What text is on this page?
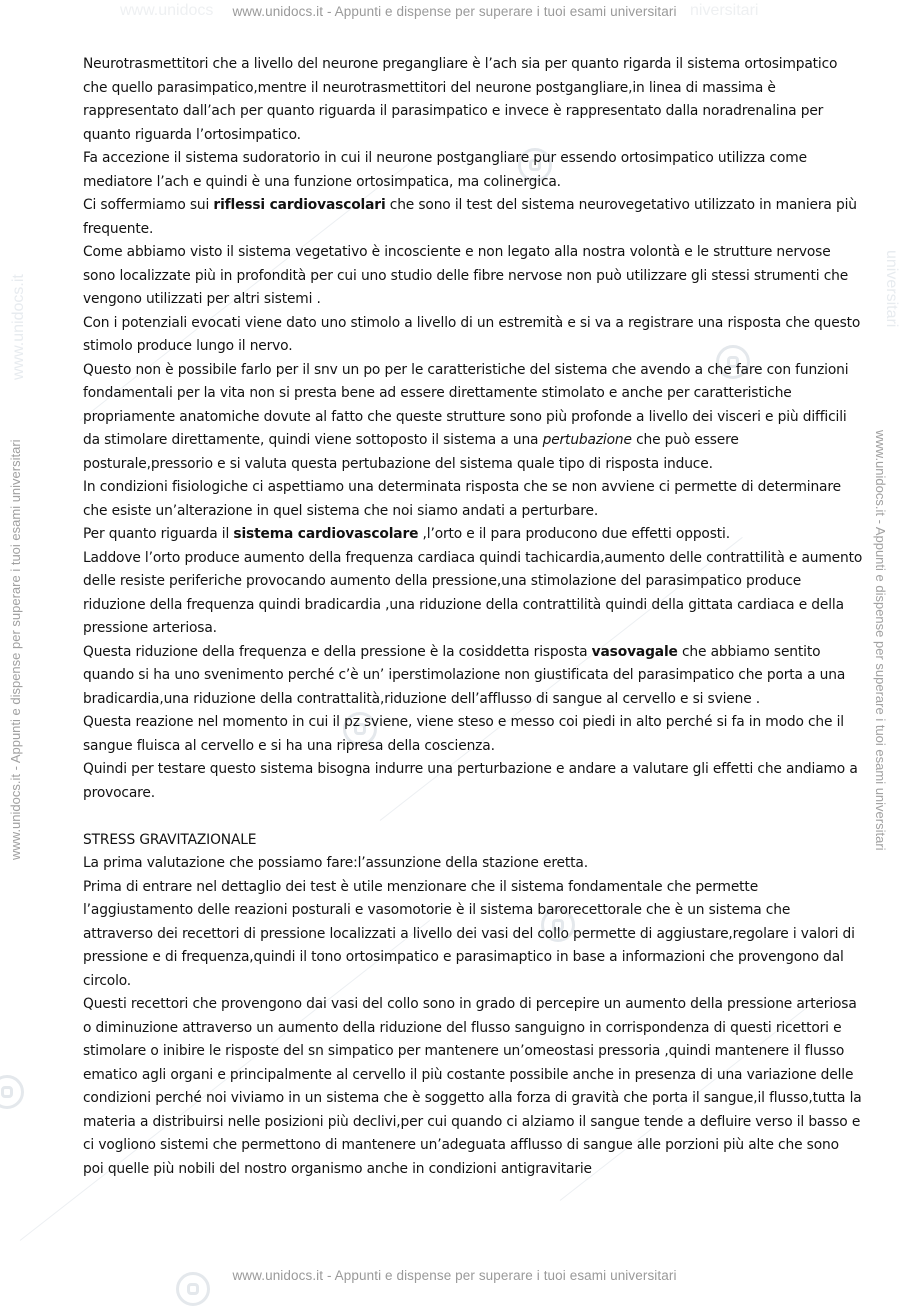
www.unidocs	niversitari
www.unidocs.it - Appunti e dispense per superare i tuoi esami universitari
www.unidocs.it - Appunti e dispense per superare i tuoi esami universitari
www.unidocs.it - Appunti e dispense per superare i tuoi esami universitari	www.unidocs.it - Appunti e dispense per superare i tuoi esami universitari
www.unidocs.it	universitari

Neurotrasmettitori che a livello del neurone pregangliare è l’ach sia per quanto rigarda il sistema ortosimpatico che quello parasimpatico,mentre il neurotrasmettitori del neurone postgangliare,in linea di massima è rappresentato dall’ach per quanto riguarda il parasimpatico e invece è rappresentato dalla noradrenalina per quanto riguarda l’ortosimpatico.

Fa accezione il sistema sudoratorio in cui il neurone postgangliare pur essendo ortosimpatico utilizza come mediatore l’ach e quindi è una funzione ortosimpatica, ma colinergica.

Ci soffermiamo sui riflessi cardiovascolari che sono il test del sistema neurovegetativo utilizzato in maniera più frequente.

Come abbiamo visto il sistema vegetativo è incosciente e non legato alla nostra volontà e le strutture nervose sono localizzate più in profondità per cui uno studio delle fibre nervose non può utilizzare gli stessi strumenti che vengono utilizzati per altri sistemi .

Con i potenziali evocati viene dato uno stimolo a livello di un estremità e si va a registrare una risposta che questo stimolo produce lungo il nervo.

Questo non è possibile farlo per il snv un po per le caratteristiche del sistema che avendo a che fare con funzioni fondamentali per la vita non si presta bene ad essere direttamente stimolato e anche per caratteristiche propriamente anatomiche dovute al fatto che queste strutture sono più profonde a livello dei visceri e più difficili da stimolare direttamente, quindi viene sottoposto il sistema a una pertubazione che può essere posturale,pressorio e si valuta questa pertubazione del sistema quale tipo di risposta induce.

In condizioni fisiologiche ci aspettiamo una determinata risposta che se non avviene ci permette di determinare che esiste un’alterazione in quel sistema che noi siamo andati a perturbare.

Per quanto riguarda il sistema cardiovascolare ,l’orto e il para producono due effetti opposti.

Laddove l’orto produce aumento della frequenza cardiaca quindi tachicardia,aumento delle contrattilità e aumento delle resiste periferiche provocando aumento della pressione,una stimolazione del parasimpatico produce riduzione della frequenza quindi bradicardia ,una riduzione della contrattilità quindi della gittata cardiaca e della pressione arteriosa.

Questa riduzione della frequenza e della pressione è la cosiddetta risposta vasovagale che abbiamo sentito quando si ha uno svenimento perché c’è un’ iperstimolazione non giustificata del parasimpatico che porta a una bradicardia,una riduzione della contrattalità,riduzione dell’afflusso di sangue al cervello e si sviene .

Questa reazione nel momento in cui il pz sviene, viene steso e messo coi piedi in alto perché si fa in modo che il sangue fluisca al cervello e si ha una ripresa della coscienza.

Quindi per testare questo sistema bisogna indurre una perturbazione e andare a valutare gli effetti che andiamo a provocare.

STRESS GRAVITAZIONALE

La prima valutazione che possiamo fare:l’assunzione della stazione eretta.

Prima di entrare nel dettaglio dei test è utile menzionare che il sistema fondamentale che permette l’aggiustamento delle reazioni posturali e vasomotorie è il sistema barorecettorale che è un sistema che attraverso dei recettori di pressione localizzati a livello dei vasi del collo permette di aggiustare,regolare i valori di pressione e di frequenza,quindi il tono ortosimpatico e parasimaptico in base a informazioni che provengono dal circolo.

Questi recettori che provengono dai vasi del collo sono in grado di percepire un aumento della pressione arteriosa o diminuzione attraverso un aumento della riduzione del flusso sanguigno in corrispondenza di questi ricettori e stimolare o inibire le risposte del sn simpatico per mantenere un’omeostasi pressoria ,quindi mantenere il flusso ematico agli organi e principalmente al cervello il più costante possibile anche in presenza di una variazione delle condizioni perché noi viviamo in un sistema che è soggetto alla forza di gravità che porta il sangue,il flusso,tutta la materia a distribuirsi nelle posizioni più declivi,per cui quando ci alziamo il sangue tende a defluire verso il basso e ci vogliono sistemi che permettono di mantenere un’adeguata afflusso di sangue alle porzioni più alte che sono poi quelle più nobili del nostro organismo anche in condizioni antigravitarie
